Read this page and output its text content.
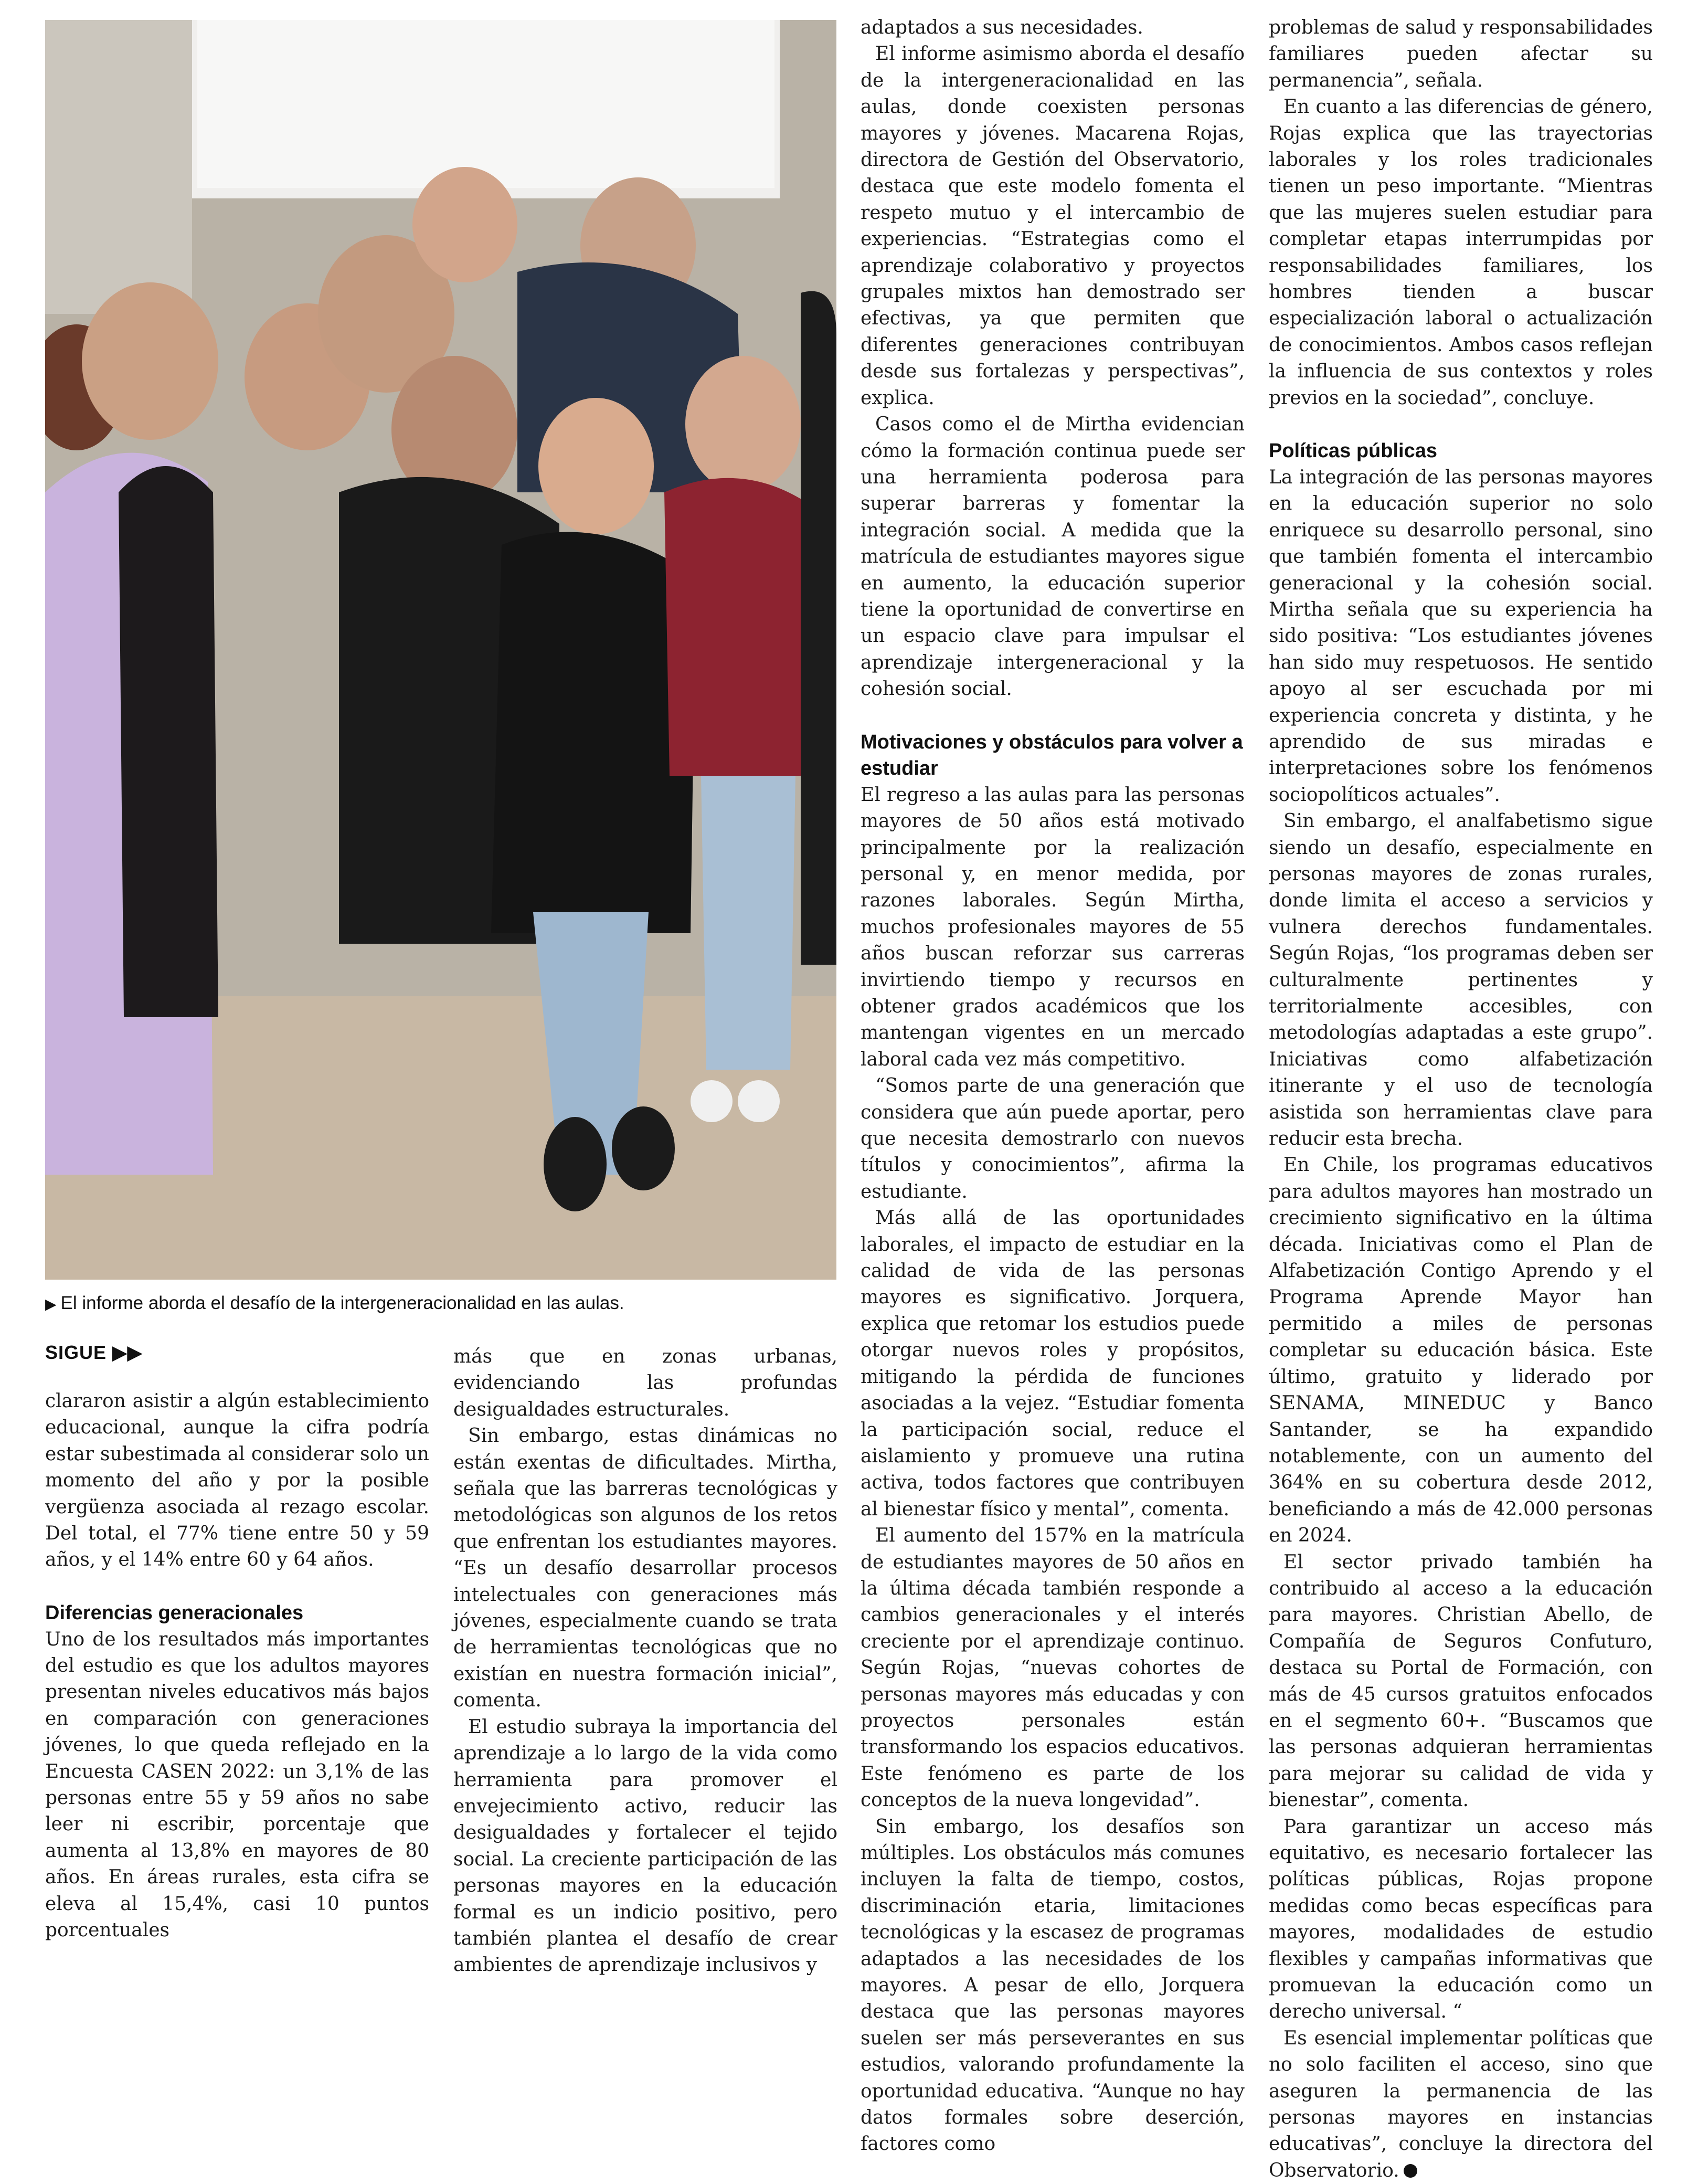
▶ El informe aborda el desafío de la intergeneracionalidad en las aulas.
SIGUE ▶▶

clararon asistir a algún establecimiento educacional, aunque la cifra podría estar subestimada al considerar solo un momento del año y por la posible vergüenza asociada al rezago escolar. Del total, el 77% tiene entre 50 y 59 años, y el 14% entre 60 y 64 años.

Diferencias generacionales

Uno de los resultados más importantes del estudio es que los adultos mayores presentan niveles educativos más bajos en comparación con generaciones jóvenes, lo que queda reflejado en la Encuesta CASEN 2022: un 3,1% de las personas entre 55 y 59 años no sabe leer ni escribir, porcentaje que aumenta al 13,8% en mayores de 80 años. En áreas rurales, esta cifra se eleva al 15,4%, casi 10 puntos porcentuales

más que en zonas urbanas, evidenciando las profundas desigualdades estructurales.

Sin embargo, estas dinámicas no están exentas de dificultades. Mirtha, señala que las barreras tecnológicas y metodológicas son algunos de los retos que enfrentan los estudiantes mayores. “Es un desafío desarrollar procesos intelectuales con generaciones más jóvenes, especialmente cuando se trata de herramientas tecnológicas que no existían en nuestra formación inicial”, comenta.

El estudio subraya la importancia del aprendizaje a lo largo de la vida como herramienta para promover el envejecimiento activo, reducir las desigualdades y fortalecer el tejido social. La creciente participación de las personas mayores en la educación formal es un indicio positivo, pero también plantea el desafío de crear ambientes de aprendizaje inclusivos y

adaptados a sus necesidades.

El informe asimismo aborda el desafío de la intergeneracionalidad en las aulas, donde coexisten personas mayores y jóvenes. Macarena Rojas, directora de Gestión del Observatorio, destaca que este modelo fomenta el respeto mutuo y el intercambio de experiencias. “Estrategias como el aprendizaje colaborativo y proyectos grupales mixtos han demostrado ser efectivas, ya que permiten que diferentes generaciones contribuyan desde sus fortalezas y perspectivas”, explica.

Casos como el de Mirtha evidencian cómo la formación continua puede ser una herramienta poderosa para superar barreras y fomentar la integración social. A medida que la matrícula de estudiantes mayores sigue en aumento, la educación superior tiene la oportunidad de convertirse en un espacio clave para impulsar el aprendizaje intergeneracional y la cohesión social.

Motivaciones y obstáculos para volver a estudiar

El regreso a las aulas para las personas mayores de 50 años está motivado principalmente por la realización personal y, en menor medida, por razones laborales. Según Mirtha, muchos profesionales mayores de 55 años buscan reforzar sus carreras invirtiendo tiempo y recursos en obtener grados académicos que los mantengan vigentes en un mercado laboral cada vez más competitivo.

“Somos parte de una generación que considera que aún puede aportar, pero que necesita demostrarlo con nuevos títulos y conocimientos”, afirma la estudiante.

Más allá de las oportunidades laborales, el impacto de estudiar en la calidad de vida de las personas mayores es significativo. Jorquera, explica que retomar los estudios puede otorgar nuevos roles y propósitos, mitigando la pérdida de funciones asociadas a la vejez. “Estudiar fomenta la participación social, reduce el aislamiento y promueve una rutina activa, todos factores que contribuyen al bienestar físico y mental”, comenta.

El aumento del 157% en la matrícula de estudiantes mayores de 50 años en la última década también responde a cambios generacionales y el interés creciente por el aprendizaje continuo. Según Rojas, “nuevas cohortes de personas mayores más educadas y con proyectos personales están transformando los espacios educativos. Este fenómeno es parte de los conceptos de la nueva longevidad”.

Sin embargo, los desafíos son múltiples. Los obstáculos más comunes incluyen la falta de tiempo, costos, discriminación etaria, limitaciones tecnológicas y la escasez de programas adaptados a las necesidades de los mayores. A pesar de ello, Jorquera destaca que las personas mayores suelen ser más perseverantes en sus estudios, valorando profundamente la oportunidad educativa. “Aunque no hay datos formales sobre deserción, factores como

problemas de salud y responsabilidades familiares pueden afectar su permanencia”, señala.

En cuanto a las diferencias de género, Rojas explica que las trayectorias laborales y los roles tradicionales tienen un peso importante. “Mientras que las mujeres suelen estudiar para completar etapas interrumpidas por responsabilidades familiares, los hombres tienden a buscar especialización laboral o actualización de conocimientos. Ambos casos reflejan la influencia de sus contextos y roles previos en la sociedad”, concluye.

Políticas públicas

La integración de las personas mayores en la educación superior no solo enriquece su desarrollo personal, sino que también fomenta el intercambio generacional y la cohesión social. Mirtha señala que su experiencia ha sido positiva: “Los estudiantes jóvenes han sido muy respetuosos. He sentido apoyo al ser escuchada por mi experiencia concreta y distinta, y he aprendido de sus miradas e interpretaciones sobre los fenómenos sociopolíticos actuales”.

Sin embargo, el analfabetismo sigue siendo un desafío, especialmente en personas mayores de zonas rurales, donde limita el acceso a servicios y vulnera derechos fundamentales. Según Rojas, “los programas deben ser culturalmente pertinentes y territorialmente accesibles, con metodologías adaptadas a este grupo”. Iniciativas como alfabetización itinerante y el uso de tecnología asistida son herramientas clave para reducir esta brecha.

En Chile, los programas educativos para adultos mayores han mostrado un crecimiento significativo en la última década. Iniciativas como el Plan de Alfabetización Contigo Aprendo y el Programa Aprende Mayor han permitido a miles de personas completar su educación básica. Este último, gratuito y liderado por SENAMA, MINEDUC y Banco Santander, se ha expandido notablemente, con un aumento del 364% en su cobertura desde 2012, beneficiando a más de 42.000 personas en 2024.

El sector privado también ha contribuido al acceso a la educación para mayores. Christian Abello, de Compañía de Seguros Confuturo, destaca su Portal de Formación, con más de 45 cursos gratuitos enfocados en el segmento 60+. “Buscamos que las personas adquieran herramientas para mejorar su calidad de vida y bienestar”, comenta.

Para garantizar un acceso más equitativo, es necesario fortalecer las políticas públicas, Rojas propone medidas como becas específicas para mayores, modalidades de estudio flexibles y campañas informativas que promuevan la educación como un derecho universal. “

Es esencial implementar políticas que no solo faciliten el acceso, sino que aseguren la permanencia de las personas mayores en instancias educativas”, concluye la directora del Observatorio.
